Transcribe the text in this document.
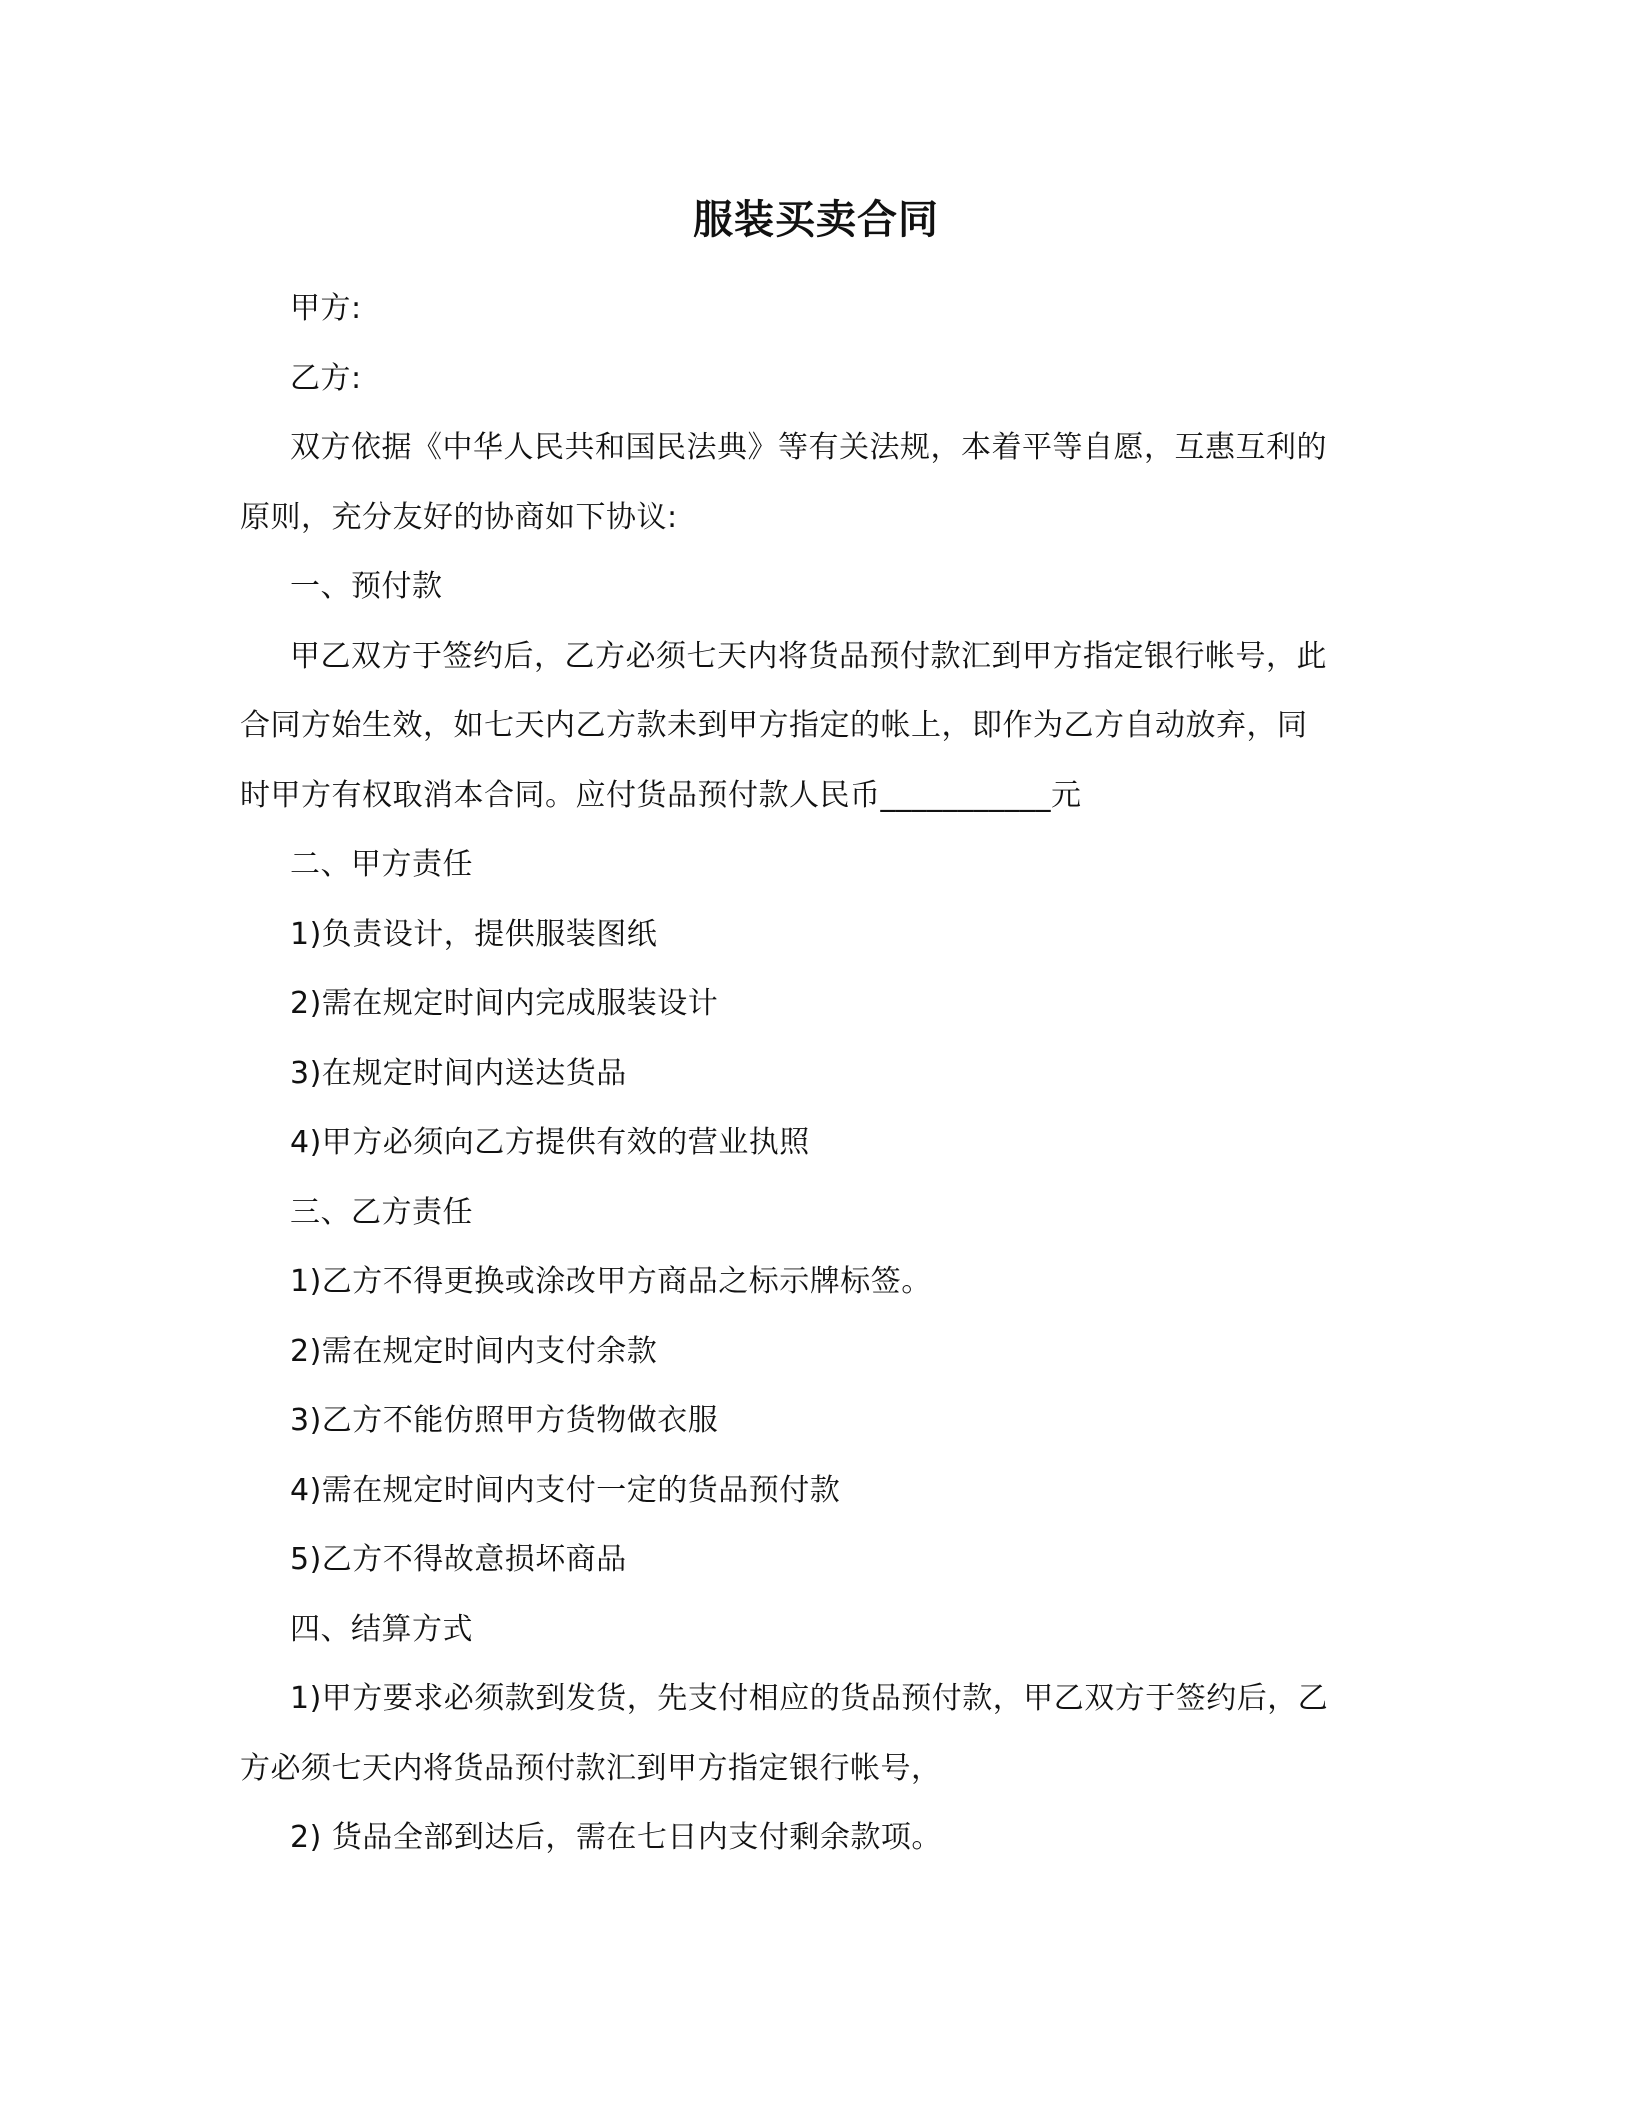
服装买卖合同
甲方:
乙方:
双方依据《中华人民共和国民法典》等有关法规，本着平等自愿，互惠互利的
原则，充分友好的协商如下协议:
一、预付款
甲乙双方于签约后，乙方必须七天内将货品预付款汇到甲方指定银行帐号，此
合同方始生效，如七天内乙方款未到甲方指定的帐上，即作为乙方自动放弃，同
时甲方有权取消本合同。应付货品预付款人民币___________元
二、甲方责任
1)负责设计，提供服装图纸
2)需在规定时间内完成服装设计
3)在规定时间内送达货品
4)甲方必须向乙方提供有效的营业执照
三、乙方责任
1)乙方不得更换或涂改甲方商品之标示牌标签。
2)需在规定时间内支付余款
3)乙方不能仿照甲方货物做衣服
4)需在规定时间内支付一定的货品预付款
5)乙方不得故意损坏商品
四、结算方式
1)甲方要求必须款到发货，先支付相应的货品预付款，甲乙双方于签约后，乙
方必须七天内将货品预付款汇到甲方指定银行帐号，
2) 货品全部到达后，需在七日内支付剩余款项。
